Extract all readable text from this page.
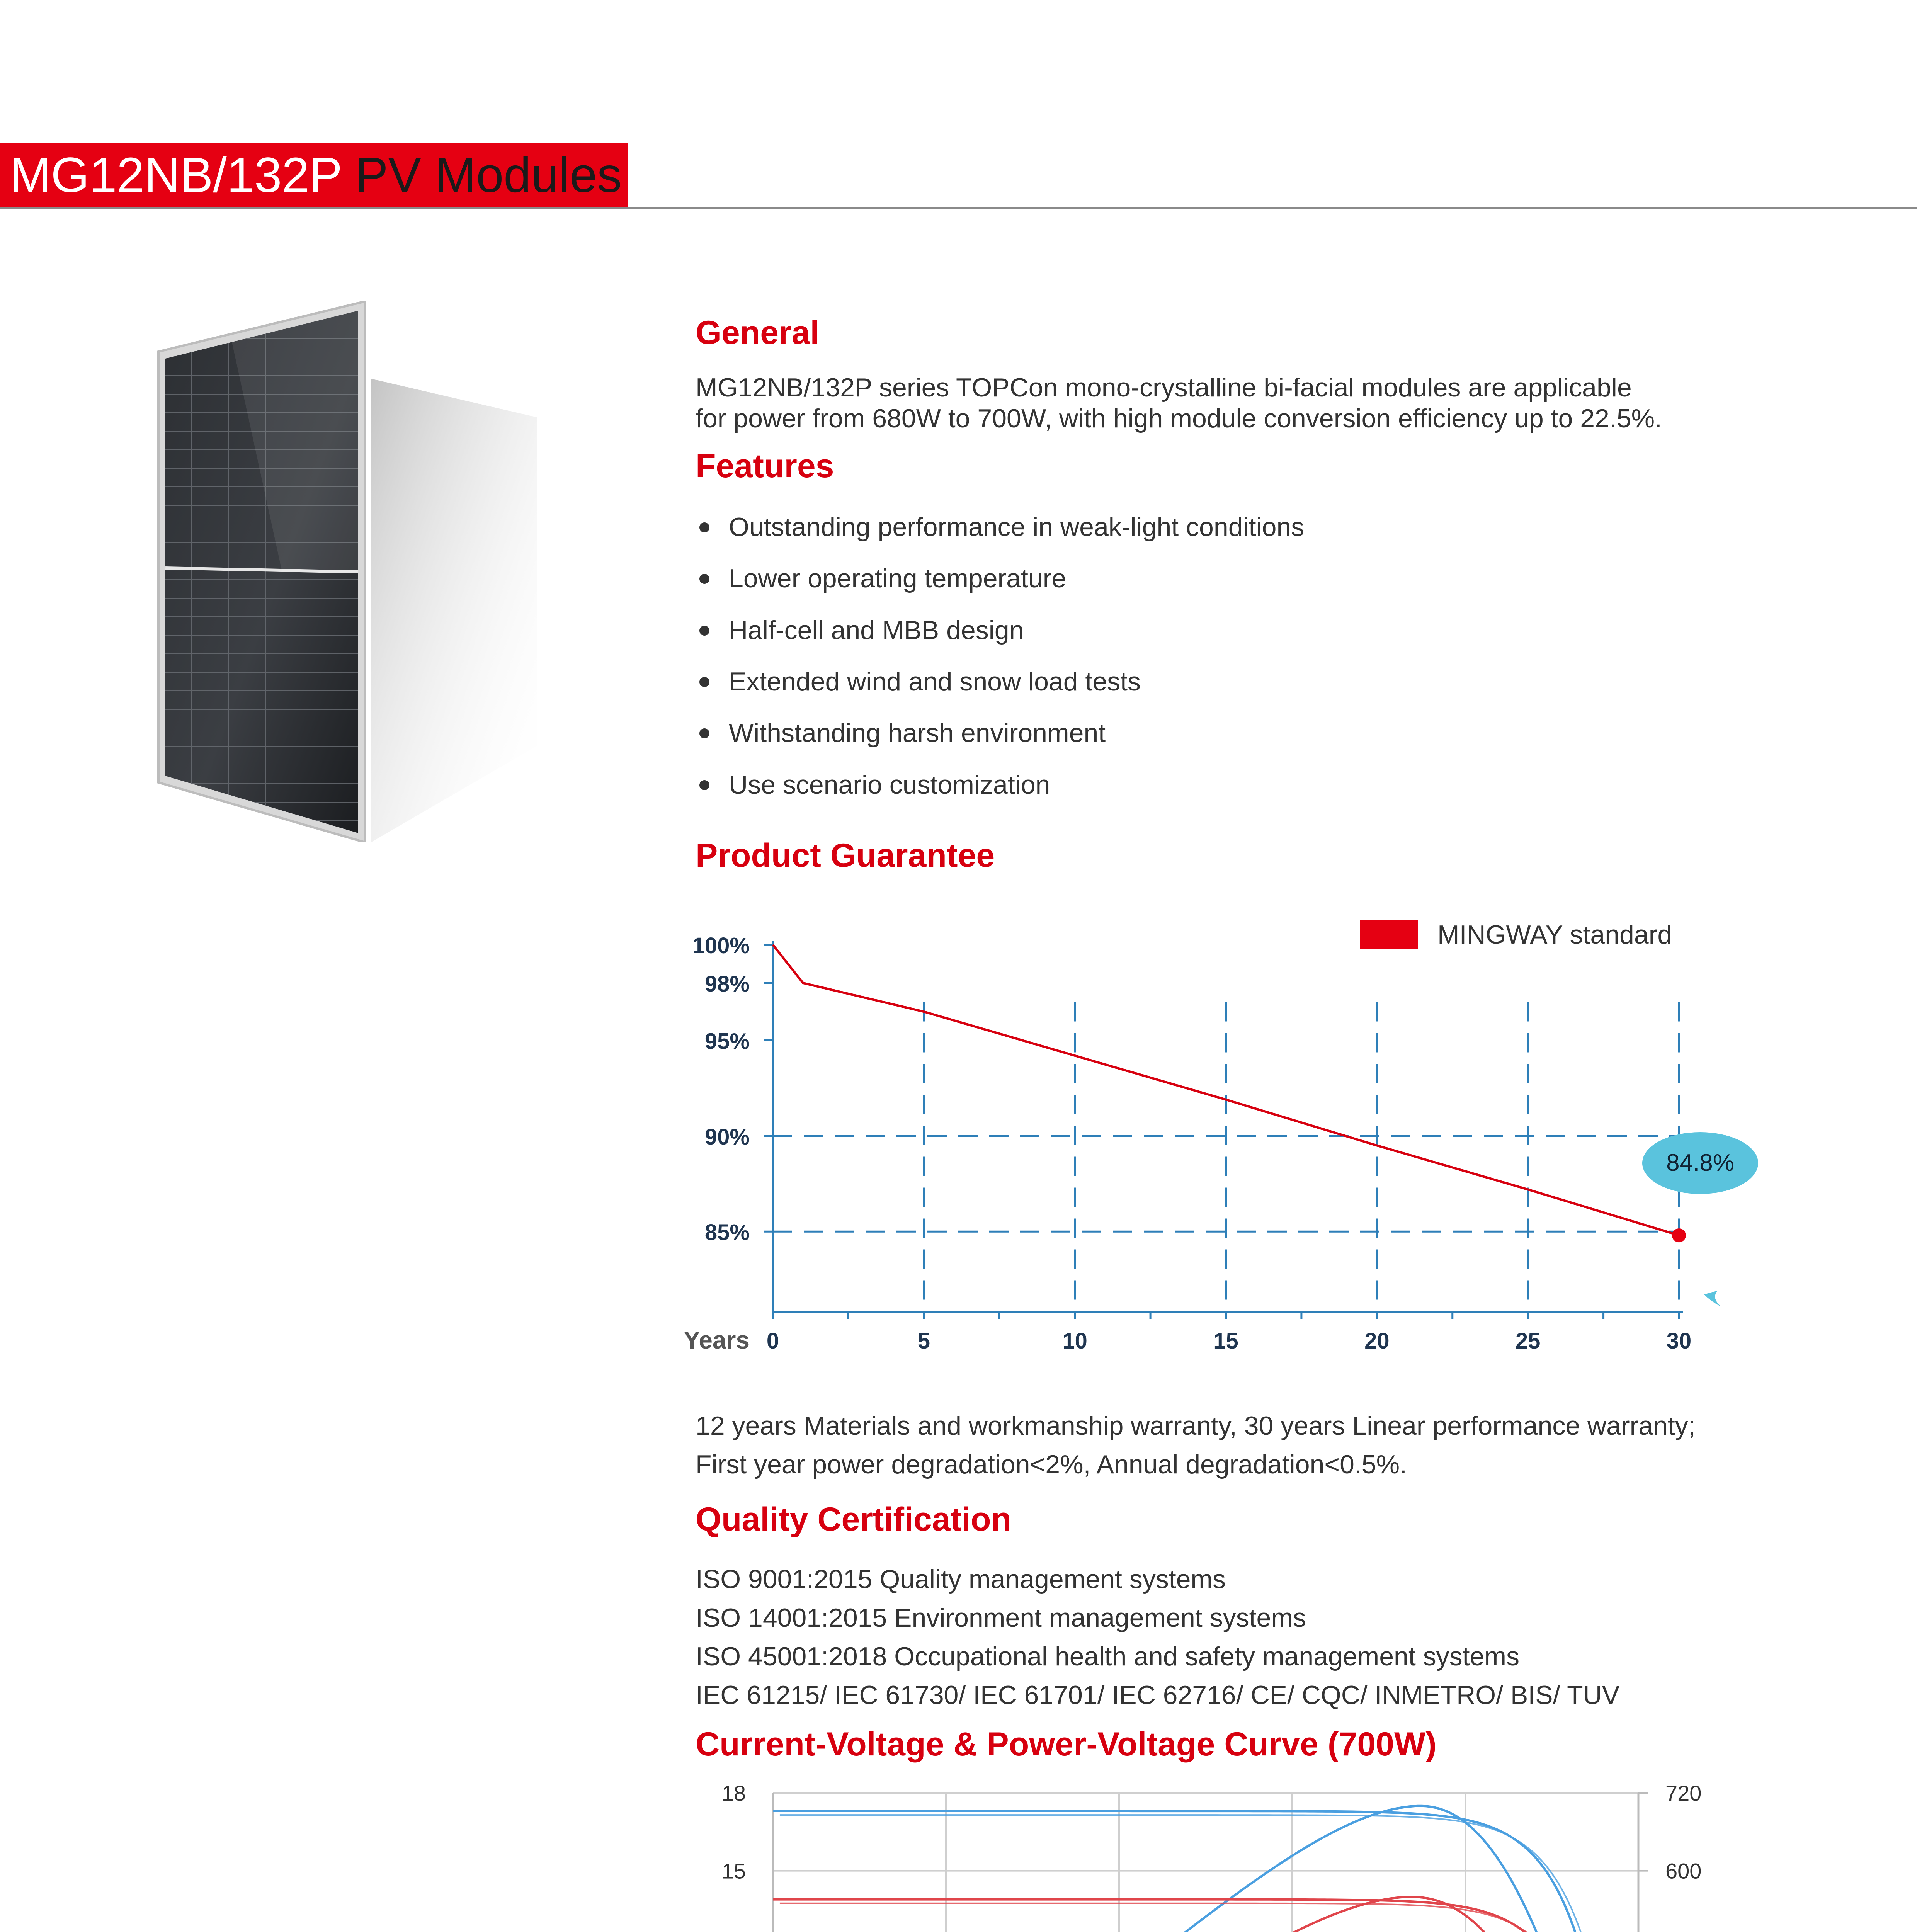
MG12NB/132P PV Modules
General
MG12NB/132P series TOPCon mono-crystalline bi-facial modules are applicable
for power from 680W to 700W, with high module conversion efficiency up to 22.5%.
Features
Outstanding performance in weak-light conditions
Lower operating temperature
Half-cell and MBB design
Extended wind and snow load tests
Withstanding harsh environment
Use scenario customization
Product Guarantee
100%
98%
95%
90%
85%
0	5	10	15	20	25	30
Years
MINGWAY standard
84.8%
12 years Materials and workmanship warranty, 30 years Linear performance warranty;
First year power degradation<2%, Annual degradation<0.5%.
Quality Certification
ISO 9001:2015 Quality management systems
ISO 14001:2015 Environment management systems
ISO 45001:2018 Occupational health and safety management systems
IEC 61215/ IEC 61730/ IEC 61701/ IEC 62716/ CE/ CQC/ INMETRO/ BIS/ TUV
Current-Voltage & Power-Voltage Curve (700W)
15
18
600
720
